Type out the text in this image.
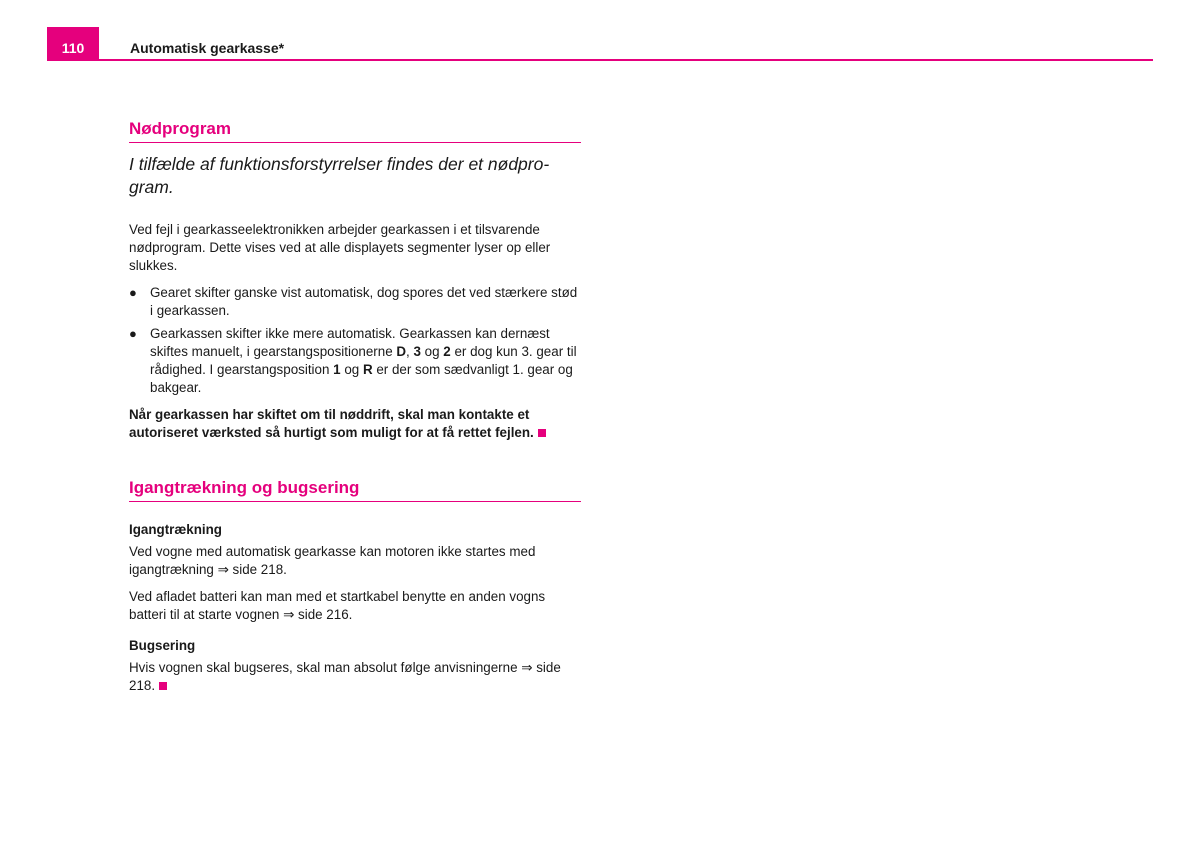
110	Automatisk gearkasse*
Nødprogram

I tilfælde af funktionsforstyrrelser findes der et nødpro-gram.

Ved fejl i gearkasseelektronikken arbejder gearkassen i et tilsvarende nødprogram. Dette vises ved at alle displayets segmenter lyser op eller slukkes.

● Gearet skifter ganske vist automatisk, dog spores det ved stærkere stød i gearkassen.
● Gearkassen skifter ikke mere automatisk. Gearkassen kan dernæst skiftes manuelt, i gearstangspositionerne D, 3 og 2 er dog kun 3. gear til rådighed. I gearstangsposition 1 og R er der som sædvanligt 1. gear og bakgear.

Når gearkassen har skiftet om til nøddrift, skal man kontakte et autoriseret værksted så hurtigt som muligt for at få rettet fejlen.

Igangtrækning og bugsering

Igangtrækning

Ved vogne med automatisk gearkasse kan motoren ikke startes med igangtrækning ⇒ side 218.

Ved afladet batteri kan man med et startkabel benytte en anden vogns batteri til at starte vognen ⇒ side 216.

Bugsering

Hvis vognen skal bugseres, skal man absolut følge anvisningerne ⇒ side 218.
